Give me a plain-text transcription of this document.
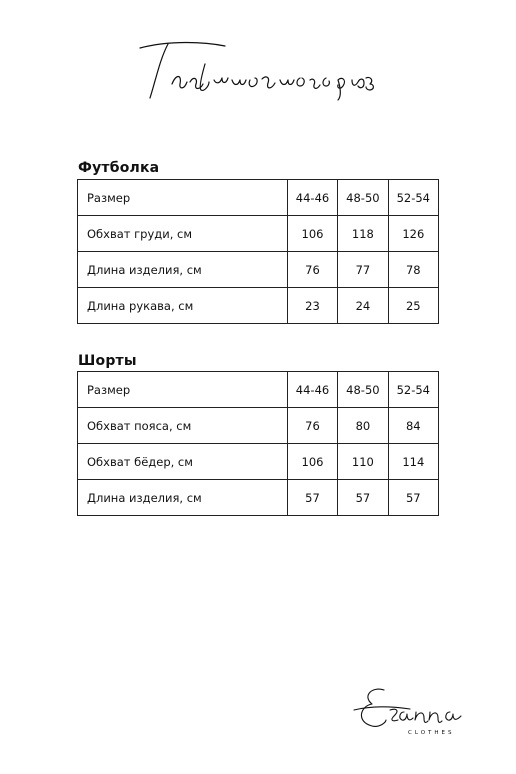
Футболка
Размер	44-46	48-50	52-54
Обхват груди, см	106	118	126
Длина изделия, см	76	77	78
Длина рукава, см	23	24	25
Шорты
Размер	44-46	48-50	52-54
Обхват пояса, см	76	80	84
Обхват бёдер, см	106	110	114
Длина изделия, см	57	57	57
CLOTHES
